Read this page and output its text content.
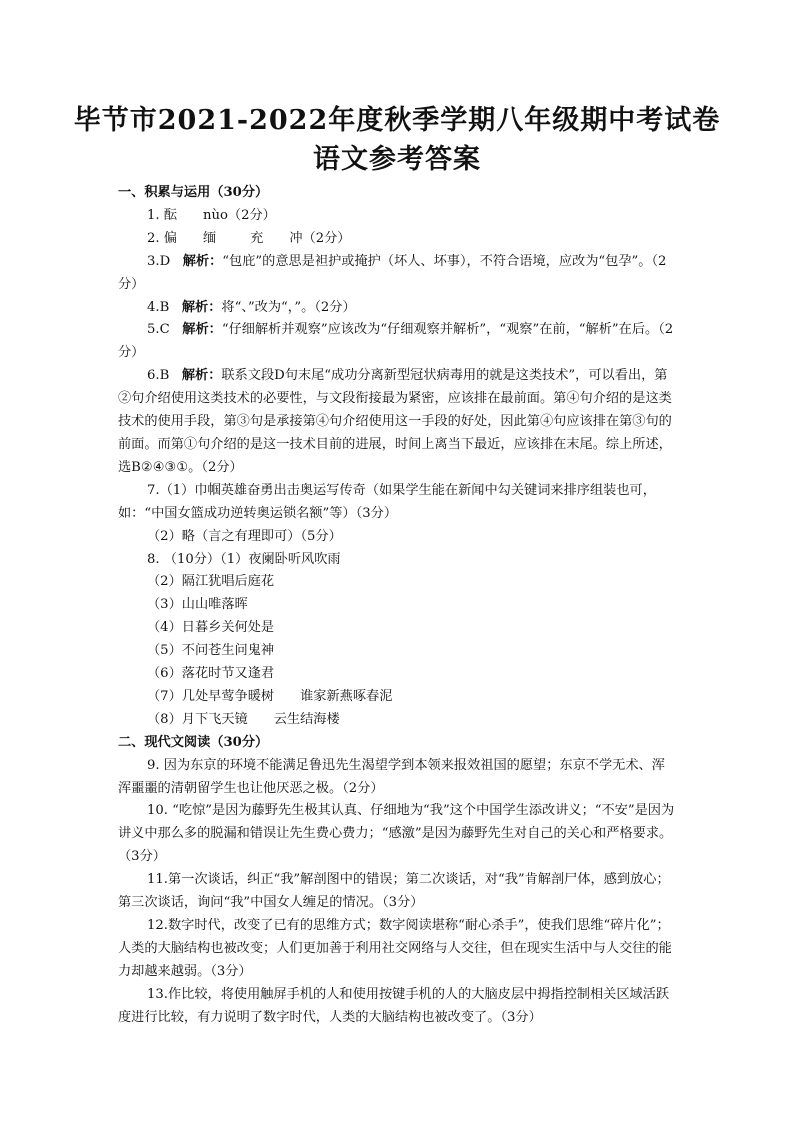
毕节市2021-2022年度秋季学期八年级期中考试卷
语文参考答案

一、积累与运用（30分）

1. 酝 nùo（2分）

2. 偏 缅	充 冲（2分）

3.D 解析：“包庇”的意思是袒护或掩护（坏人、坏事），不符合语境，应改为“包孕”。（2分）

4.B 解析：将“、”改为“，”。（2分）

5.C 解析：“仔细解析并观察”应该改为“仔细观察并解析”，“观察”在前，“解析”在后。（2分）

6.B 解析：联系文段D句末尾“成功分离新型冠状病毒用的就是这类技术”，可以看出，第②句介绍使用这类技术的必要性，与文段衔接最为紧密，应该排在最前面。第④句介绍的是这类技术的使用手段，第③句是承接第④句介绍使用这一手段的好处，因此第④句应该排在第③句的前面。而第①句介绍的是这一技术目前的进展，时间上离当下最近，应该排在末尾。综上所述，选B②④③①。（2分）

7.（1）巾帼英雄奋勇出击奥运写传奇（如果学生能在新闻中勾关键词来排序组装也可，如：“中国女篮成功逆转奥运锁名额”等）（3分）

（2）略（言之有理即可）（5分）

8. （10分）（1）夜阑卧听风吹雨

（2）隔江犹唱后庭花

（3）山山唯落晖

（4）日暮乡关何处是

（5）不问苍生问鬼神

（6）落花时节又逢君

（7）几处早莺争暖树 谁家新燕啄春泥

（8）月下飞天镜 云生结海楼

二、现代文阅读（30分）

9. 因为东京的环境不能满足鲁迅先生渴望学到本领来报效祖国的愿望；东京不学无术、浑浑噩噩的清朝留学生也让他厌恶之极。（2分）

10. “吃惊”是因为藤野先生极其认真、仔细地为“我”这个中国学生添改讲义；“不安”是因为讲义中那么多的脱漏和错误让先生费心费力；“感激”是因为藤野先生对自己的关心和严格要求。（3分）

11.第一次谈话，纠正“我”解剖图中的错误；第二次谈话，对“我”肯解剖尸体，感到放心；第三次谈话，询问“我”中国女人缠足的情况。（3分）

12.数字时代，改变了已有的思维方式；数字阅读堪称“耐心杀手”，使我们思维“碎片化”；人类的大脑结构也被改变；人们更加善于利用社交网络与人交往，但在现实生活中与人交往的能力却越来越弱。（3分）

13.作比较，将使用触屏手机的人和使用按键手机的人的大脑皮层中拇指控制相关区域活跃度进行比较，有力说明了数字时代，人类的大脑结构也被改变了。（3分）
